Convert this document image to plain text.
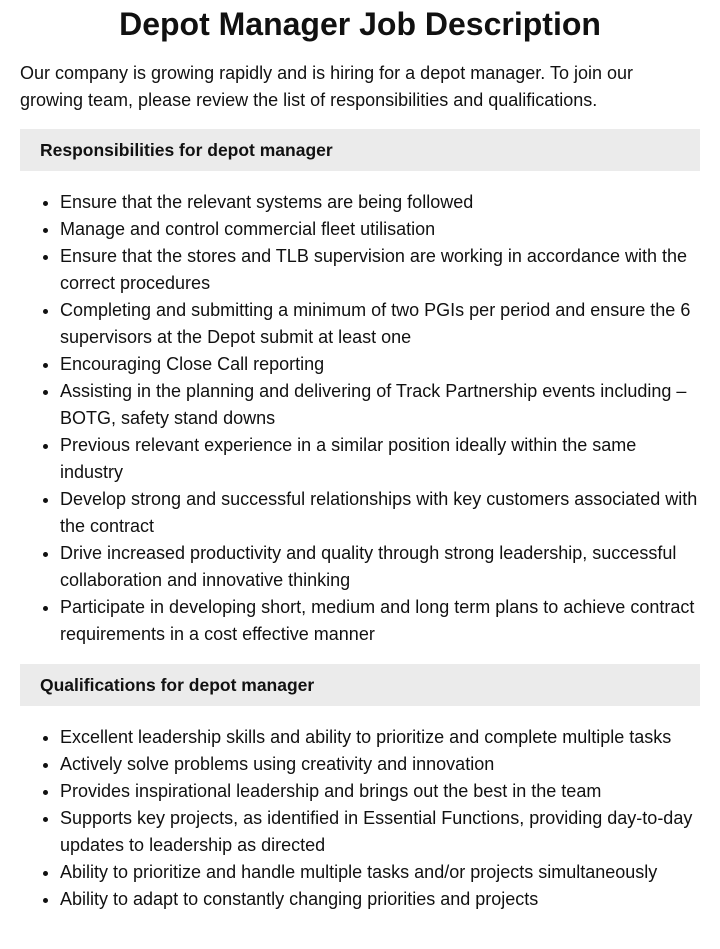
Depot Manager Job Description

Our company is growing rapidly and is hiring for a depot manager. To join our growing team, please review the list of responsibilities and qualifications.

Responsibilities for depot manager
• Ensure that the relevant systems are being followed
• Manage and control commercial fleet utilisation
• Ensure that the stores and TLB supervision are working in accordance with the correct procedures
• Completing and submitting a minimum of two PGIs per period and ensure the 6 supervisors at the Depot submit at least one
• Encouraging Close Call reporting
• Assisting in the planning and delivering of Track Partnership events including – BOTG, safety stand downs
• Previous relevant experience in a similar position ideally within the same industry
• Develop strong and successful relationships with key customers associated with the contract
• Drive increased productivity and quality through strong leadership, successful collaboration and innovative thinking
• Participate in developing short, medium and long term plans to achieve contract requirements in a cost effective manner
Qualifications for depot manager
• Excellent leadership skills and ability to prioritize and complete multiple tasks
• Actively solve problems using creativity and innovation
• Provides inspirational leadership and brings out the best in the team
• Supports key projects, as identified in Essential Functions, providing day-to-day updates to leadership as directed
• Ability to prioritize and handle multiple tasks and/or projects simultaneously
• Ability to adapt to constantly changing priorities and projects
